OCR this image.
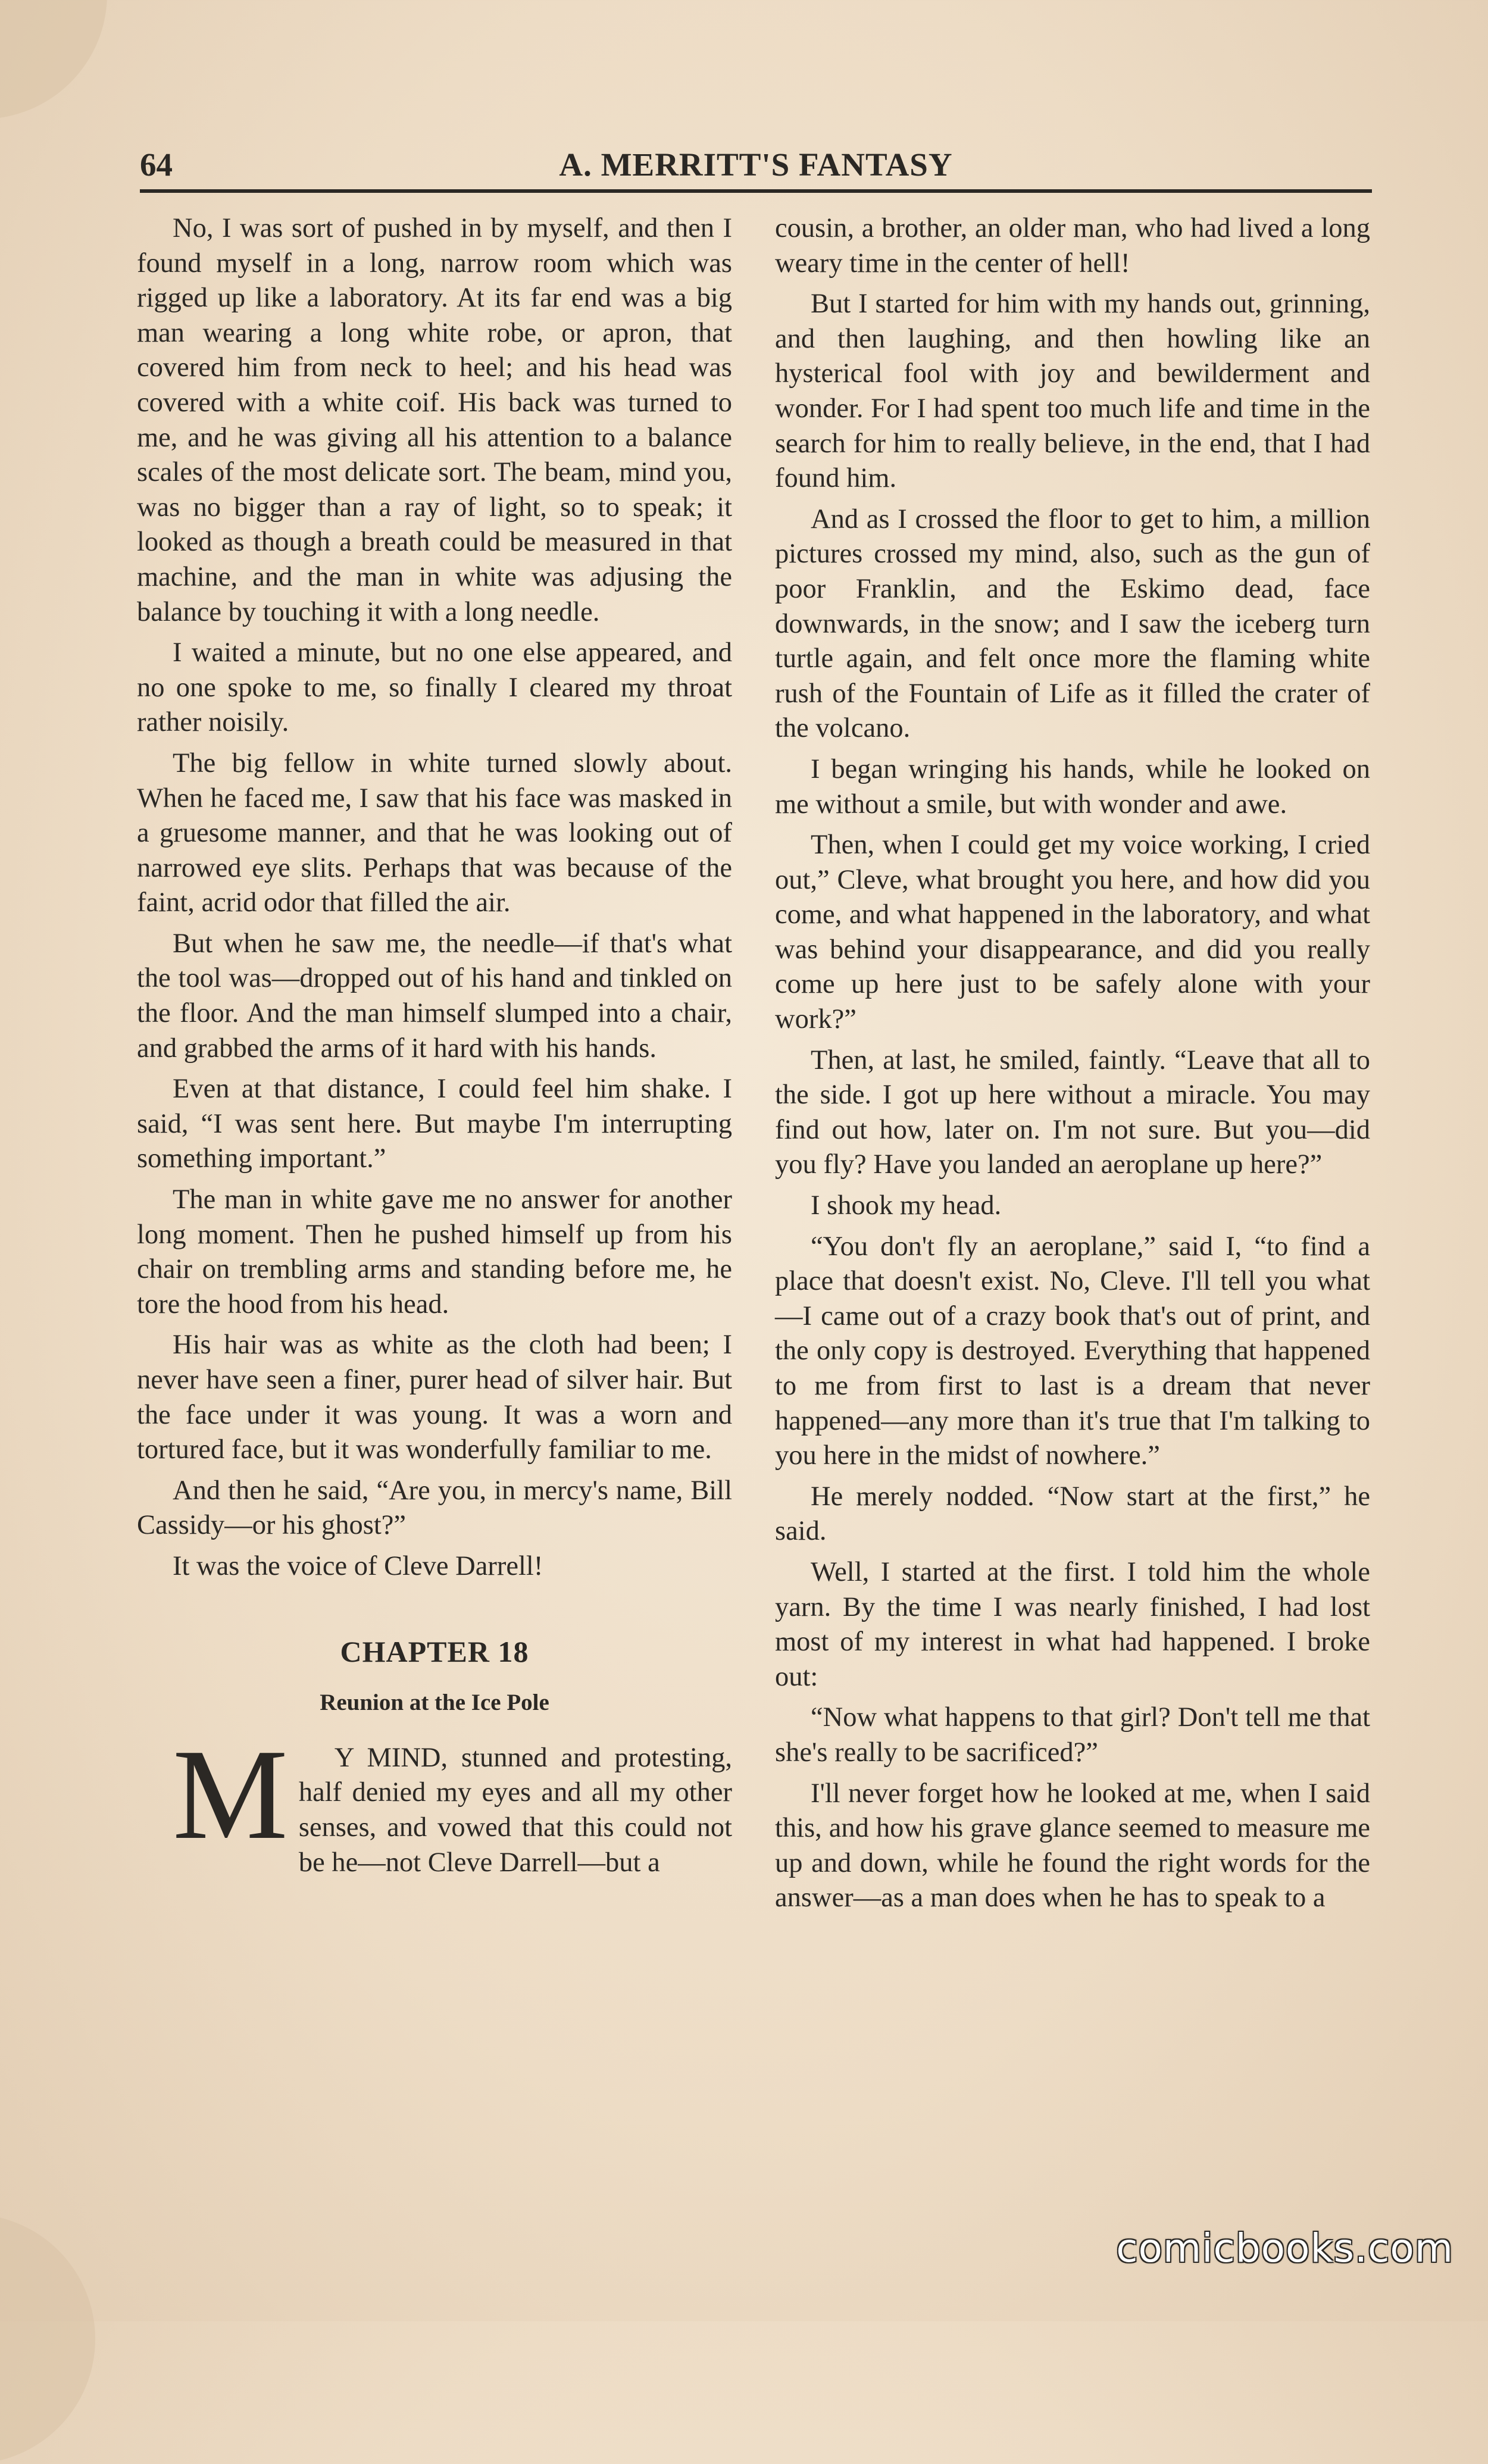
64	A. MERRITT'S FANTASY

No, I was sort of pushed in by myself, and then I found myself in a long, narrow room which was rigged up like a laboratory. At its far end was a big man wearing a long white robe, or apron, that covered him from neck to heel; and his head was covered with a white coif. His back was turned to me, and he was giving all his attention to a balance scales of the most delicate sort. The beam, mind you, was no bigger than a ray of light, so to speak; it looked as though a breath could be measured in that machine, and the man in white was adjusing the balance by touching it with a long needle.

I waited a minute, but no one else appeared, and no one spoke to me, so finally I cleared my throat rather noisily.

The big fellow in white turned slowly about. When he faced me, I saw that his face was masked in a gruesome manner, and that he was looking out of narrowed eye slits. Perhaps that was because of the faint, acrid odor that filled the air.

But when he saw me, the needle—if that's what the tool was—dropped out of his hand and tinkled on the floor. And the man himself slumped into a chair, and grabbed the arms of it hard with his hands.

Even at that distance, I could feel him shake. I said, “I was sent here. But maybe I'm interrupting something important.”

The man in white gave me no answer for another long moment. Then he pushed himself up from his chair on trembling arms and standing before me, he tore the hood from his head.

His hair was as white as the cloth had been; I never have seen a finer, purer head of silver hair. But the face under it was young. It was a worn and tortured face, but it was wonderfully familiar to me.

And then he said, “Are you, in mercy's name, Bill Cassidy—or his ghost?”

It was the voice of Cleve Darrell!

CHAPTER 18
Reunion at the Ice Pole

M Y MIND, stunned and protesting, half denied my eyes and all my other senses, and vowed that this could not be he—not Cleve Darrell—but a

cousin, a brother, an older man, who had lived a long weary time in the center of hell!

But I started for him with my hands out, grinning, and then laughing, and then howling like an hysterical fool with joy and bewilderment and wonder. For I had spent too much life and time in the search for him to really believe, in the end, that I had found him.

And as I crossed the floor to get to him, a million pictures crossed my mind, also, such as the gun of poor Franklin, and the Eskimo dead, face downwards, in the snow; and I saw the iceberg turn turtle again, and felt once more the flaming white rush of the Fountain of Life as it filled the crater of the volcano.

I began wringing his hands, while he looked on me without a smile, but with wonder and awe.

Then, when I could get my voice working, I cried out,” Cleve, what brought you here, and how did you come, and what happened in the laboratory, and what was behind your disappearance, and did you really come up here just to be safely alone with your work?”

Then, at last, he smiled, faintly. “Leave that all to the side. I got up here without a miracle. You may find out how, later on. I'm not sure. But you—did you fly? Have you landed an aeroplane up here?”

I shook my head.

“You don't fly an aeroplane,” said I, “to find a place that doesn't exist. No, Cleve. I'll tell you what—I came out of a crazy book that's out of print, and the only copy is destroyed. Everything that happened to me from first to last is a dream that never happened—any more than it's true that I'm talking to you here in the midst of nowhere.”

He merely nodded. “Now start at the first,” he said.

Well, I started at the first. I told him the whole yarn. By the time I was nearly finished, I had lost most of my interest in what had happened. I broke out:

“Now what happens to that girl? Don't tell me that she's really to be sacrificed?”

I'll never forget how he looked at me, when I said this, and how his grave glance seemed to measure me up and down, while he found the right words for the answer—as a man does when he has to speak to a

comicbooks.com
